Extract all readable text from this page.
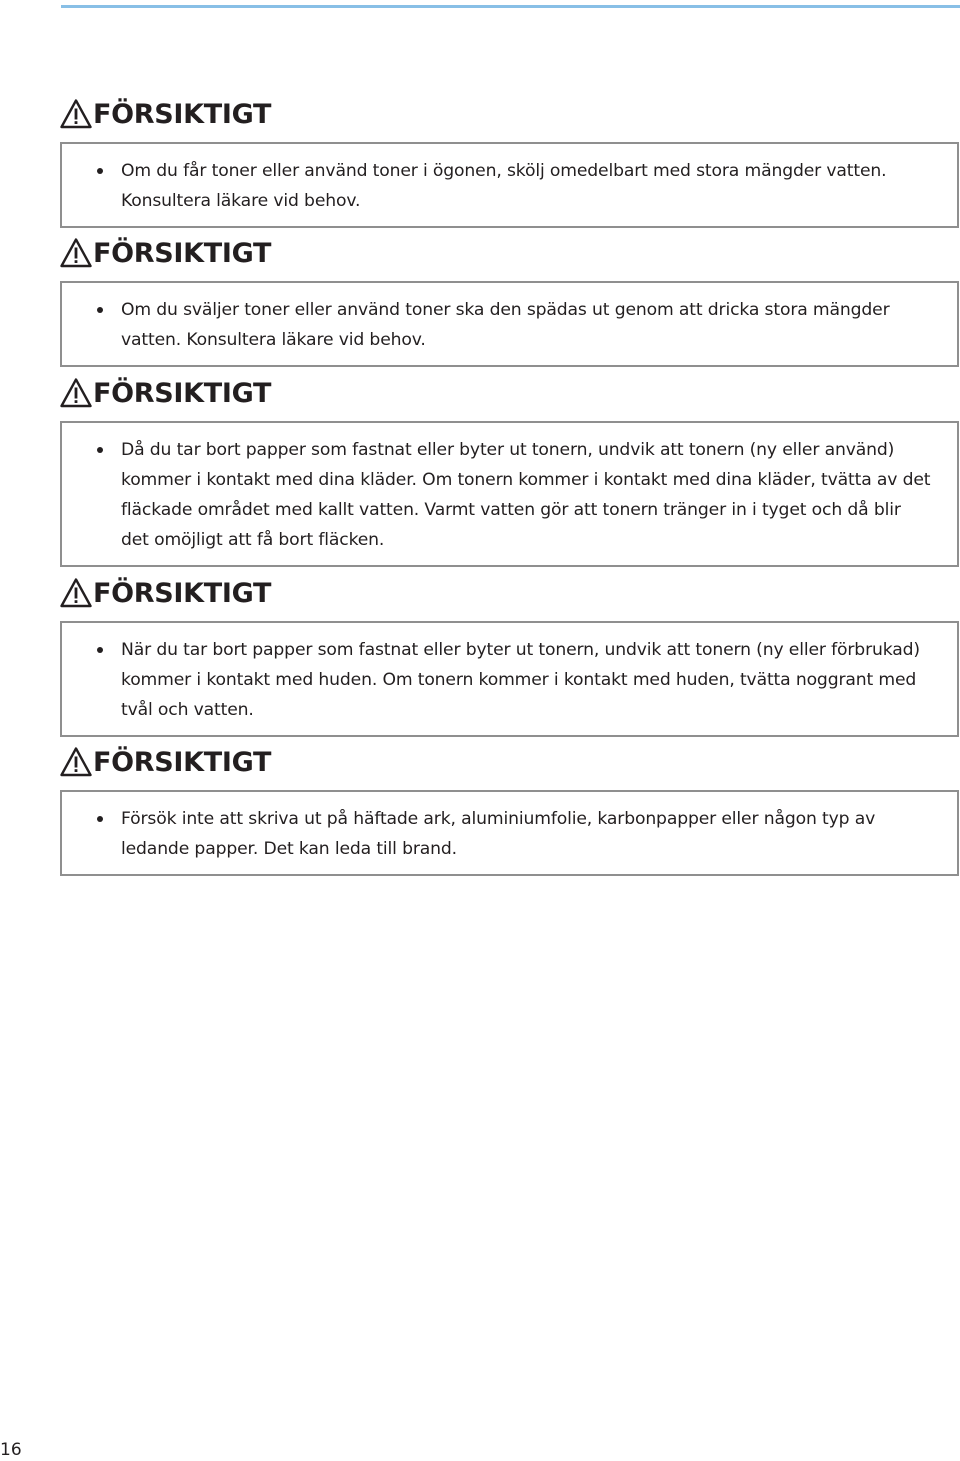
FÖRSIKTIGT
Om du får toner eller använd toner i ögonen, skölj omedelbart med stora mängder vatten. Konsultera läkare vid behov.
FÖRSIKTIGT
Om du sväljer toner eller använd toner ska den spädas ut genom att dricka stora mängder vatten. Konsultera läkare vid behov.
FÖRSIKTIGT
Då du tar bort papper som fastnat eller byter ut tonern, undvik att tonern (ny eller använd) kommer i kontakt med dina kläder. Om tonern kommer i kontakt med dina kläder, tvätta av det fläckade området med kallt vatten. Varmt vatten gör att tonern tränger in i tyget och då blir det omöjligt att få bort fläcken.
FÖRSIKTIGT
När du tar bort papper som fastnat eller byter ut tonern, undvik att tonern (ny eller förbrukad) kommer i kontakt med huden. Om tonern kommer i kontakt med huden, tvätta noggrant med tvål och vatten.
FÖRSIKTIGT
Försök inte att skriva ut på häftade ark, aluminiumfolie, karbonpapper eller någon typ av ledande papper. Det kan leda till brand.
16
